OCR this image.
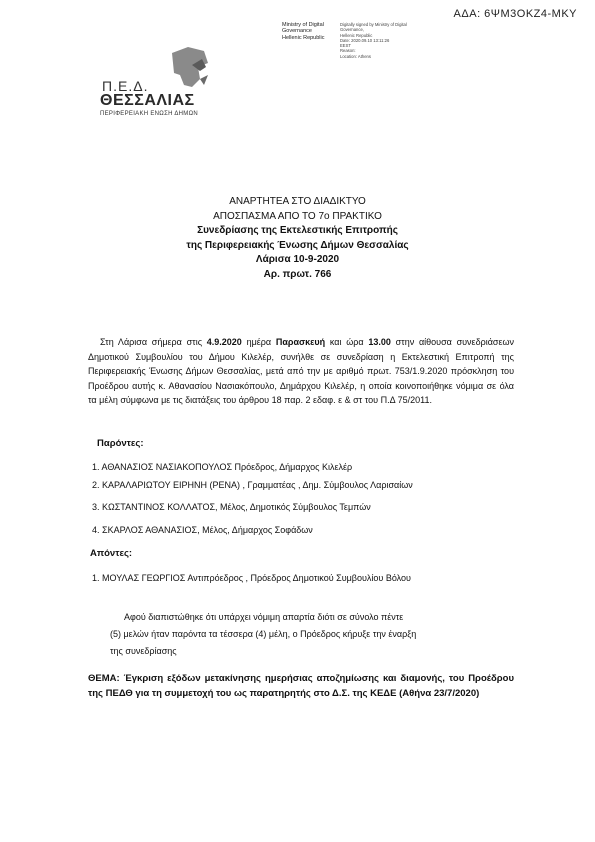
ΑΔΑ: 6ΨΜ3ΟΚΖ4-ΜΚΥ
Ministry of Digital
Governance
Hellenic Republic
Digitally signed by Ministry of Digital
Governance,
Hellenic Republic
Date: 2020.09.10 13:11:26
EEST
Reason:
Location: Athens
Π.Ε.Δ.
ΘΕΣΣΑΛΙΑΣ
ΠΕΡΙΦΕΡΕΙΑΚΗ ΕΝΩΣΗ ΔΗΜΩΝ
ΑΝΑΡΤΗΤΕΑ ΣΤΟ ΔΙΑΔΙΚΤΥΟ
ΑΠΟΣΠΑΣΜΑ ΑΠΟ ΤΟ 7ο ΠΡΑΚΤΙΚΟ
Συνεδρίασης της Εκτελεστικής Επιτροπής
της Περιφερειακής Ένωσης Δήμων Θεσσαλίας
Λάρισα 10-9-2020
Αρ. πρωτ. 766
Στη Λάρισα σήμερα στις 4.9.2020 ημέρα Παρασκευή και ώρα 13.00 στην αίθουσα συνεδριάσεων Δημοτικού Συμβουλίου του Δήμου Κιλελέρ, συνήλθε σε συνεδρίαση η Εκτελεστική Επιτροπή της Περιφερειακής Ένωσης Δήμων Θεσσαλίας, μετά από την με αριθμό πρωτ. 753/1.9.2020 πρόσκληση του Προέδρου αυτής κ. Αθανασίου Νασιακόπουλο, Δημάρχου Κιλελέρ, η οποία κοινοποιήθηκε νόμιμα σε όλα τα μέλη σύμφωνα με τις διατάξεις του άρθρου 18 παρ. 2 εδαφ. ε & στ του Π.Δ 75/2011.
Παρόντες:
1. ΑΘΑΝΑΣΙΟΣ ΝΑΣΙΑΚΟΠΟΥΛΟΣ Πρόεδρος, Δήμαρχος Κιλελέρ
2. ΚΑΡΑΛΑΡΙΩΤΟΥ ΕΙΡΗΝΗ (ΡΕΝΑ) , Γραμματέας , Δημ. Σύμβουλος Λαρισαίων
3. ΚΩΣΤΑΝΤΙΝΟΣ ΚΟΛΛΑΤΟΣ, Μέλος, Δημοτικός Σύμβουλος Τεμπών
4. ΣΚΑΡΛΟΣ ΑΘΑΝΑΣΙΟΣ, Μέλος, Δήμαρχος Σοφάδων
Απόντες:
1. ΜΟΥΛΑΣ ΓΕΩΡΓΙΟΣ Αντιπρόεδρος , Πρόεδρος Δημοτικού Συμβουλίου Βόλου
Αφού διαπιστώθηκε ότι υπάρχει νόμιμη απαρτία διότι σε σύνολο πέντε
(5) μελών ήταν παρόντα τα τέσσερα (4) μέλη, ο Πρόεδρος κήρυξε την έναρξη
της συνεδρίασης
ΘΕΜΑ: Έγκριση εξόδων μετακίνησης ημερήσιας αποζημίωσης και διαμονής, του Προέδρου της ΠΕΔΘ για τη συμμετοχή του ως παρατηρητής στο Δ.Σ. της ΚΕΔΕ (Αθήνα 23/7/2020)
